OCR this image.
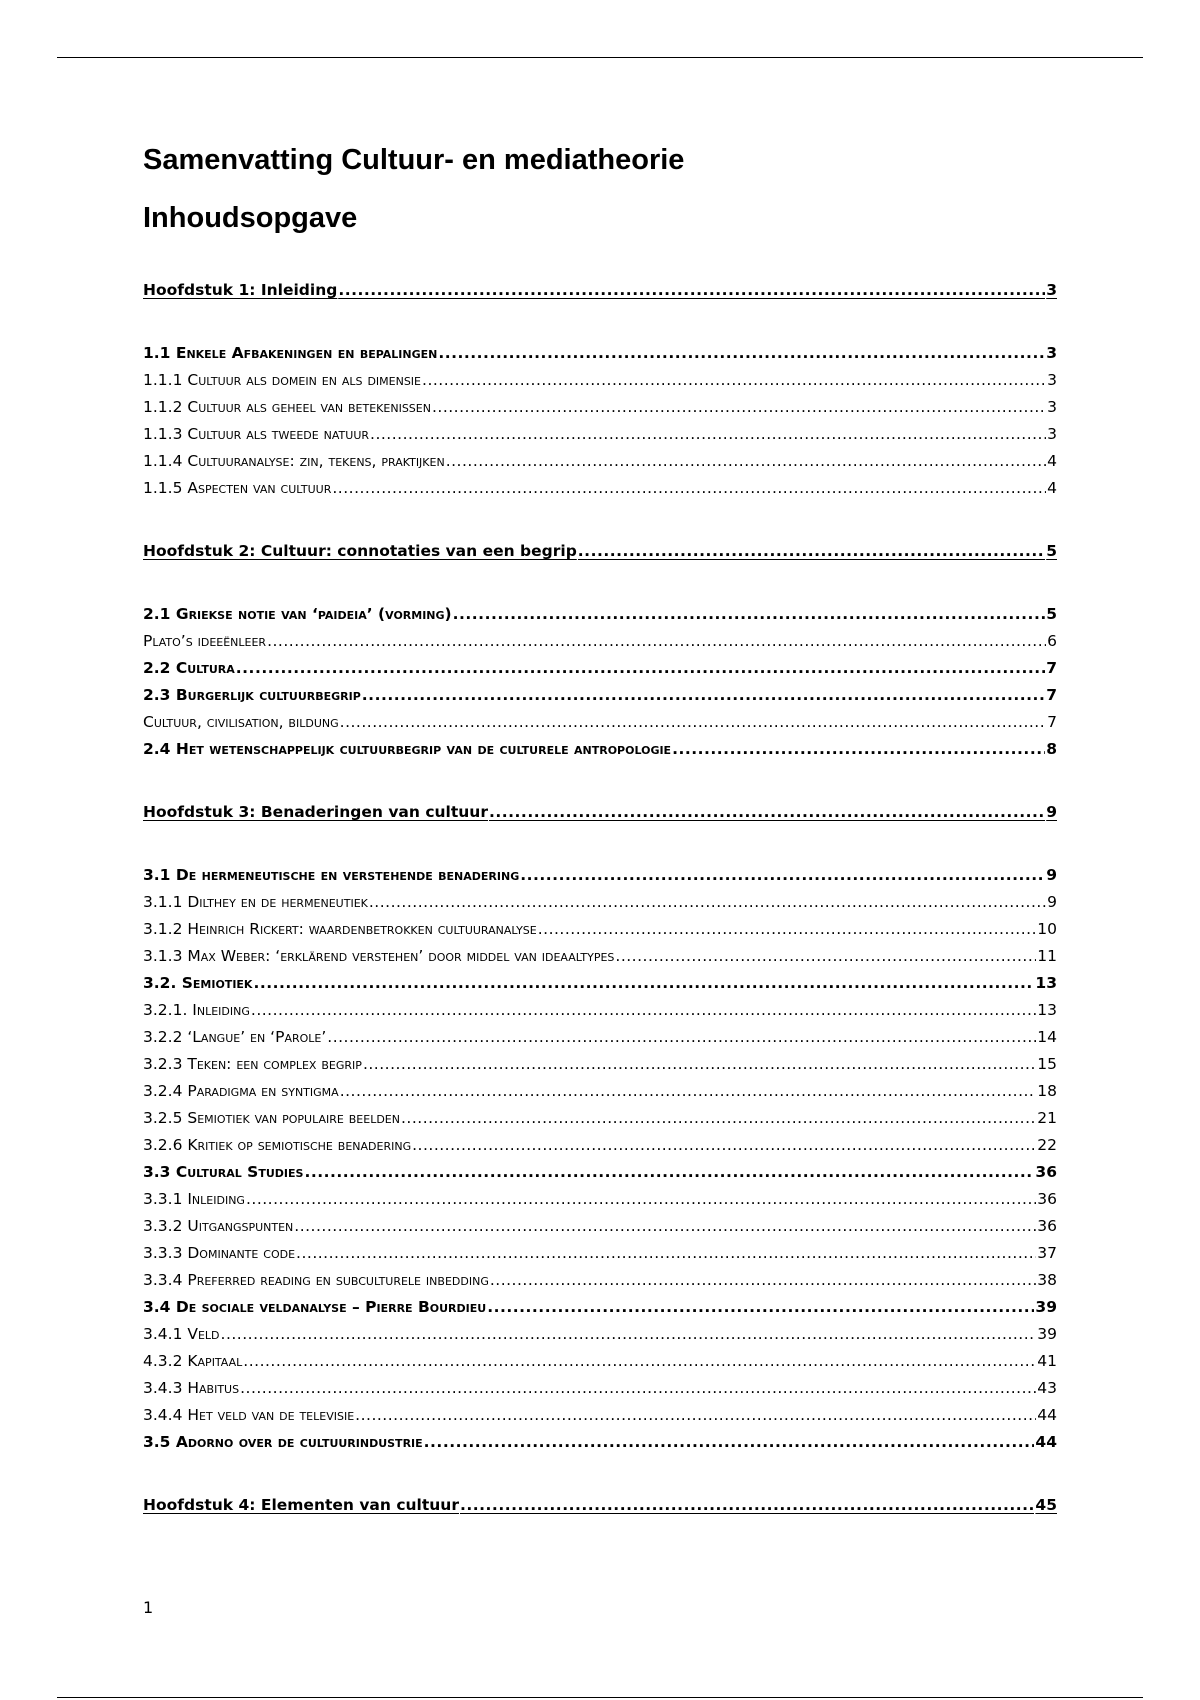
Samenvatting Cultuur- en mediatheorie
Inhoudsopgave
Hoofdstuk 1: Inleiding .....	3
1.1 Enkele Afbakeningen en bepalingen .....	3
1.1.1 Cultuur als domein en als dimensie .....	3
1.1.2 Cultuur als geheel van betekenissen .....	3
1.1.3 Cultuur als tweede natuur .....	3
1.1.4 Cultuuranalyse: zin, tekens, praktijken .....	4
1.1.5 Aspecten van cultuur .....	4
Hoofdstuk 2: Cultuur: connotaties van een begrip .....	5
2.1 Griekse notie van ‘paideia’ (vorming) .....	5
Plato’s ideeënleer .....	6
2.2 Cultura .....	7
2.3 Burgerlijk cultuurbegrip .....	7
Cultuur, civilisation, bildung .....	7
2.4 Het wetenschappelijk cultuurbegrip van de culturele antropologie .....	8
Hoofdstuk 3: Benaderingen van cultuur .....	9
3.1 De hermeneutische en verstehende benadering .....	9
3.1.1 Dilthey en de hermeneutiek .....	9
3.1.2 Heinrich Rickert: waardenbetrokken cultuuranalyse .....	10
3.1.3 Max Weber: ‘erklärend verstehen’ door middel van ideaaltypes .....	11
3.2. Semiotiek .....	13
3.2.1. Inleiding .....	13
3.2.2 ‘Langue’ en ‘Parole’ .....	14
3.2.3 Teken: een complex begrip .....	15
3.2.4 Paradigma en syntigma .....	18
3.2.5 Semiotiek van populaire beelden .....	21
3.2.6 Kritiek op semiotische benadering .....	22
3.3 Cultural Studies .....	36
3.3.1 Inleiding .....	36
3.3.2 Uitgangspunten .....	36
3.3.3 Dominante code .....	37
3.3.4 Preferred reading en subculturele inbedding .....	38
3.4 De sociale veldanalyse – Pierre Bourdieu .....	39
3.4.1 Veld .....	39
4.3.2 Kapitaal .....	41
3.4.3 Habitus .....	43
3.4.4 Het veld van de televisie .....	44
3.5 Adorno over de cultuurindustrie .....	44
Hoofdstuk 4: Elementen van cultuur .....	45
1
